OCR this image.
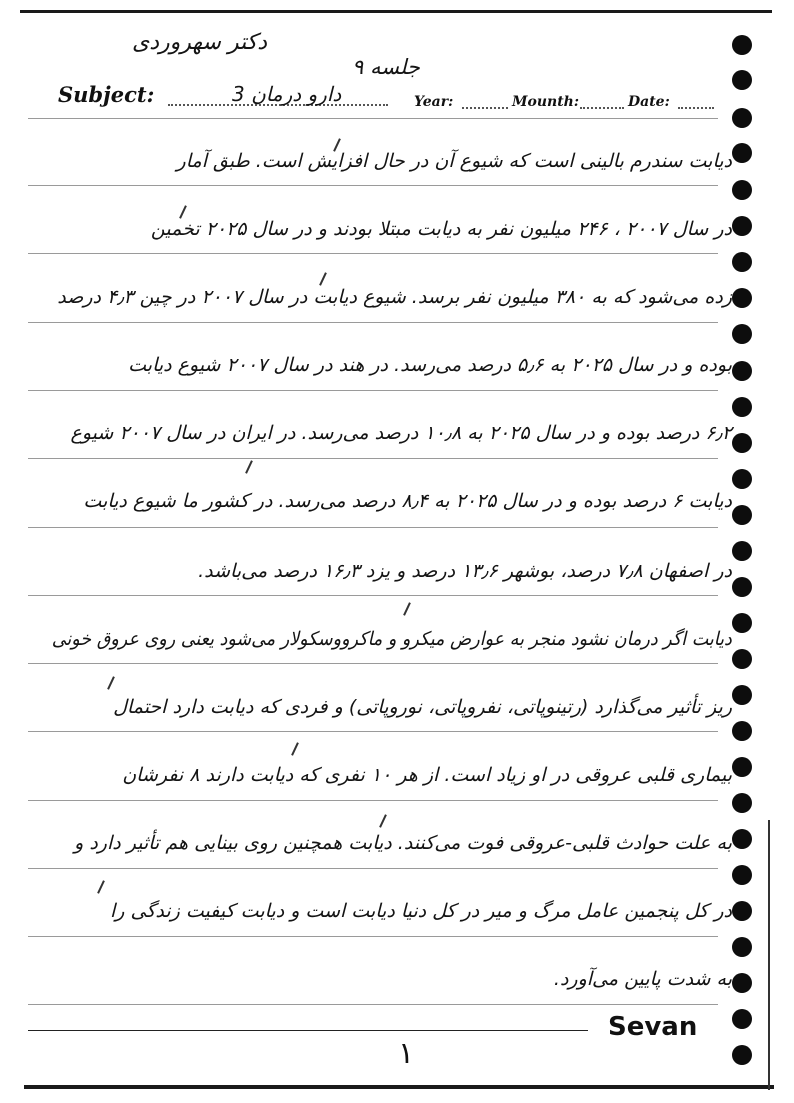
دکتر سهروردی
جلسه ۹
Subject:	دارو درمان 3	Year:	Mounth:	Date:
دیابت سندرم بالینی است که شیوع آن در حال افزایش است. طبق آمار
در سال ۲۰۰۷ ، ۲۴۶ میلیون نفر به دیابت مبتلا بودند و در سال ۲۰۲۵ تخمین
زده می‌شود که به ۳۸۰ میلیون نفر برسد. شیوع دیابت در سال ۲۰۰۷ در چین ۴٫۳ درصد
بوده و در سال ۲۰۲۵ به ۵٫۶ درصد می‌رسد. در هند در سال ۲۰۰۷ شیوع دیابت
۶٫۲ درصد بوده و در سال ۲۰۲۵ به ۱۰٫۸ درصد می‌رسد. در ایران در سال ۲۰۰۷ شیوع
دیابت ۶ درصد بوده و در سال ۲۰۲۵ به ۸٫۴ درصد می‌رسد. در کشور ما شیوع دیابت
در اصفهان ۷٫۸ درصد، بوشهر ۱۳٫۶ درصد و یزد ۱۶٫۳ درصد می‌باشد.
دیابت اگر درمان نشود منجر به عوارض میکرو و ماکرووسکولار می‌شود یعنی روی عروق خونی
ریز تأثیر می‌گذارد (رتینوپاتی، نفروپاتی، نوروپاتی) و فردی که دیابت دارد احتمال
بیماری قلبی عروقی در او زیاد است. از هر ۱۰ نفری که دیابت دارند ۸ نفرشان
به علت حوادث قلبی-عروقی فوت می‌کنند. دیابت همچنین روی بینایی هم تأثیر دارد و
در کل پنجمین عامل مرگ و میر در کل دنیا دیابت است و دیابت کیفیت زندگی را
به شدت پایین می‌آورد.
۱
Sevan
